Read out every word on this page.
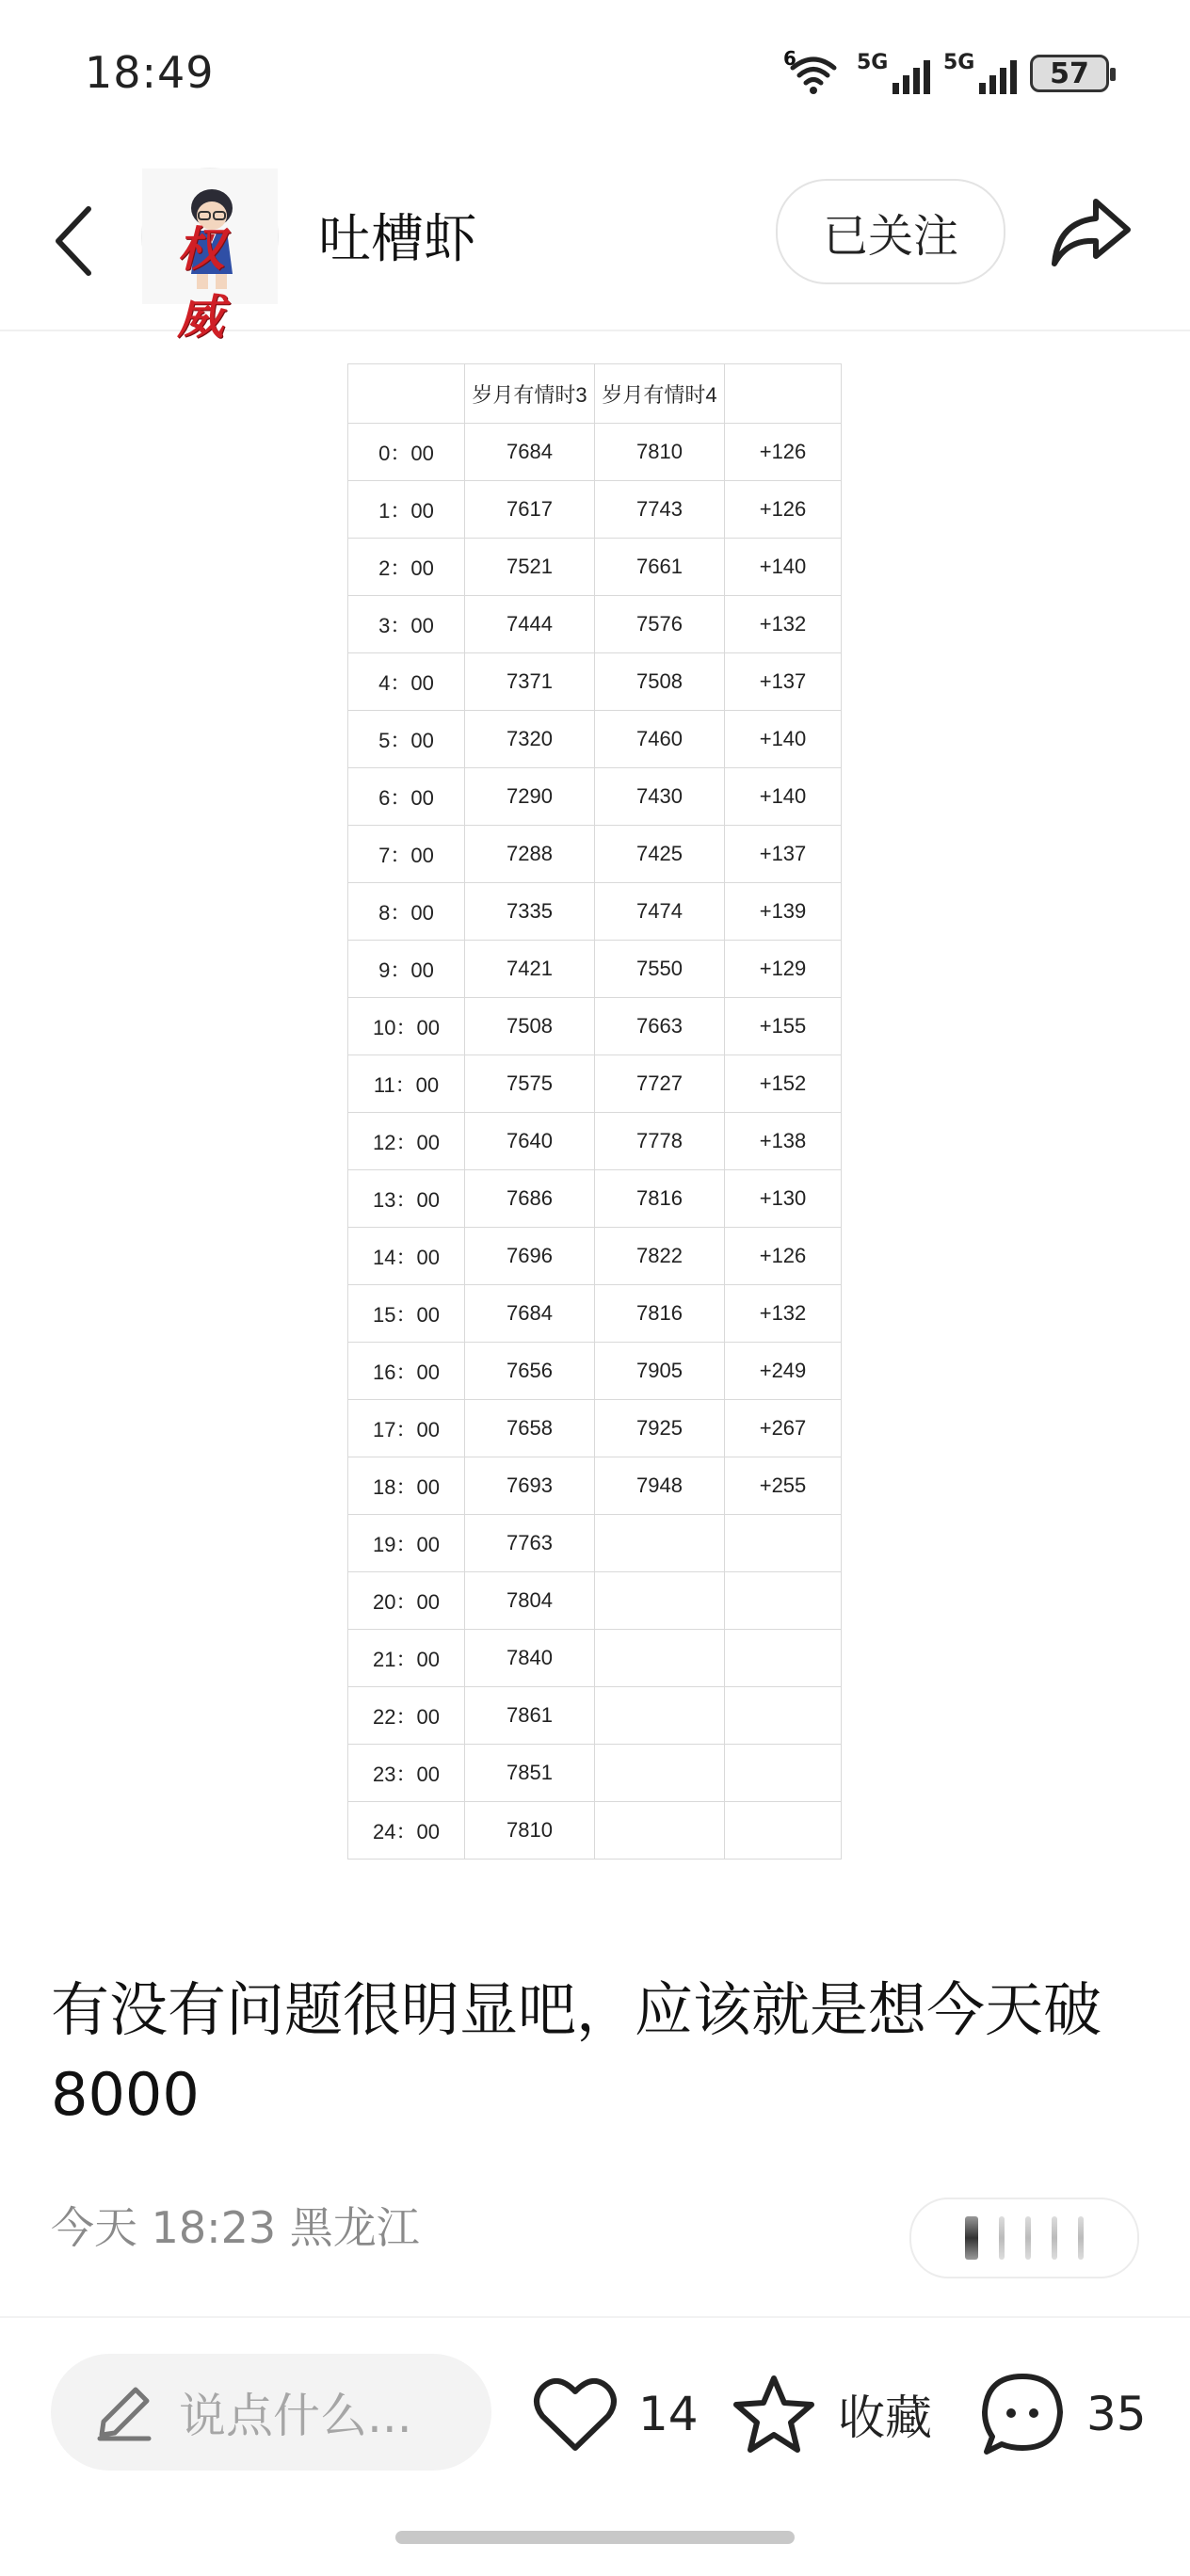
18:49	6	5G	5G	57
权威
吐槽虾	已关注
	岁月有情时3	岁月有情时4	
0：00	7684	7810	+126
1：00	7617	7743	+126
2：00	7521	7661	+140
3：00	7444	7576	+132
4：00	7371	7508	+137
5：00	7320	7460	+140
6：00	7290	7430	+140
7：00	7288	7425	+137
8：00	7335	7474	+139
9：00	7421	7550	+129
10：00	7508	7663	+155
11：00	7575	7727	+152
12：00	7640	7778	+138
13：00	7686	7816	+130
14：00	7696	7822	+126
15：00	7684	7816	+132
16：00	7656	7905	+249
17：00	7658	7925	+267
18：00	7693	7948	+255
19：00	7763		
20：00	7804		
21：00	7840		
22：00	7861		
23：00	7851		
24：00	7810		
有没有问题很明显吧，应该就是想今天破8000
今天 18:23 黑龙江
说点什么...	14	收藏	35
